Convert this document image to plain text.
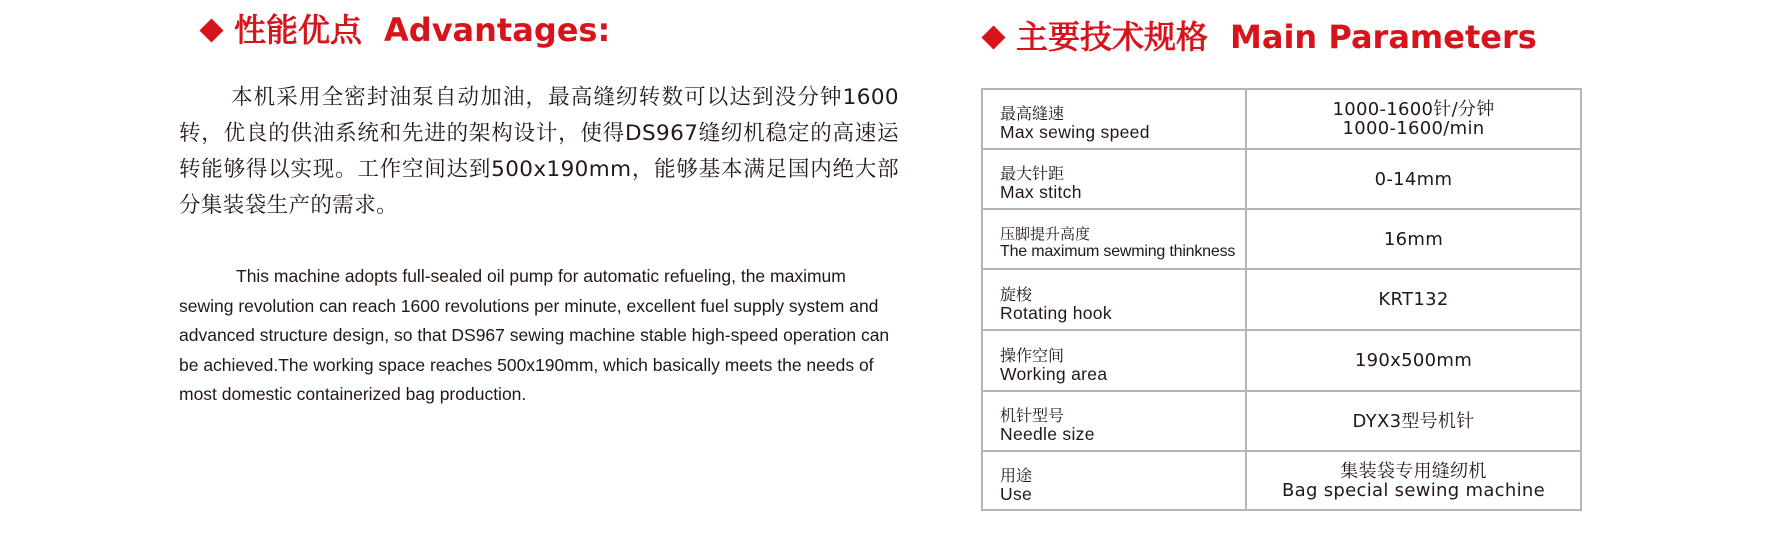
性能优点 Advantages:

本机采用全密封油泵自动加油，最高缝纫转数可以达到没分钟1600转，优良的供油系统和先进的架构设计，使得DS967缝纫机稳定的高速运转能够得以实现。工作空间达到500x190mm，能够基本满足国内绝大部分集装袋生产的需求。

This machine adopts full-sealed oil pump for automatic refueling, the maximum sewing revolution can reach 1600 revolutions per minute, excellent fuel supply system and advanced structure design, so that DS967 sewing machine stable high-speed operation can be achieved.The working space reaches 500x190mm, which basically meets the needs of most domestic containerized bag production.

主要技术规格 Main Parameters
最高缝速
Max sewing speed	1000-1600针/分钟
1000-1600/min

最大针距
Max stitch	0-14mm

压脚提升高度
The maximum sewming thinkness	16mm

旋梭
Rotating hook	KRT132

操作空间
Working area	190x500mm

机针型号
Needle size	DYX3型号机针

用途
Use	集装袋专用缝纫机
Bag special sewing machine
